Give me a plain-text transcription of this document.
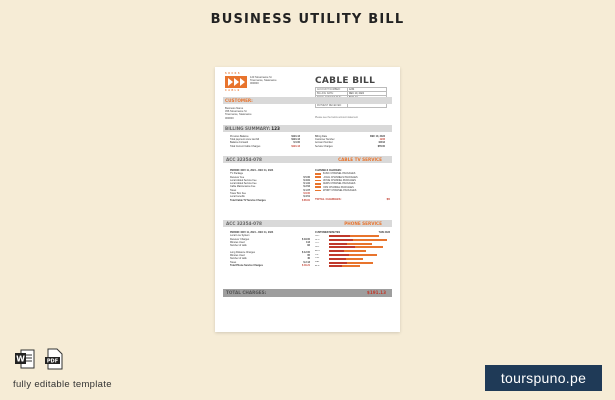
BUSINESS UTILITY BILL
SOCKS
CABLE
123 Streetname St
Townname, Statename
000000	CABLE BILL
ACCOUNT NUMBER:	1234
BILLING DATE:	DEC 10, 2024

PAYMENT RECEIVED:	
Please see the below account statement
CUSTOMER:
Business Name
456 Streetname St
Townname, Statename
000000
BILLING SUMMARY: 123
Previous Balance	$191.13
Total payment since last bill	$191.13
Balance Forward	$ 0.00
Total Current Cable Charges	$191.13
Billing Date	DEC 10, 2024
Customer Number	1234
Account Number	10012
Service Charges	$78.00
ACC 32354-078	CABLE TV SERVICE
PERIOD: NOV 11, 2024 – DEC 11, 2024
TV Package
Receiver Fee	$ 5.00
Local Added Service Fee	$ 3.81
Local Added Service Fee	$ 1.91
Cable Maintenance Fee	$ 2.52
Taxes	$ 1.07
Tower Box Fee	$ 8.00
Local benefits	$ 3.51
Total Cable TV Service Charges	$ 85.81
CHANNELS CHARGES:
BASIC CHANNEL PACKAGES
LOCAL CHANNELS PACKAGES
MOVIE CHANNEL PACKAGES
NEWS CHANNEL PACKAGES
KIDS CHANNEL PACKAGES
SPORT CHANNEL PACKAGES
TOTAL CHARGES:	$5
ACC 32354-078	PHONE SERVICE
PERIOD: NOV 11, 2024 – DEC 11, 2024
Local Line System
Receiver Charges	$ 18.00
Minutes Used	113
Number of calls	82
Long Distance Charges	$ 12.00
Minutes Used	65
Number of calls	40
Taxes	$ 2.13
Total Phone Service Charges	$ 40.21
CUSTOMER MINUTES	THIS 2023
DEC
NOV
OCT
SEP
AUG
JUL
JUN
MAY
APR
TOTAL CHARGES:	$191.13
W	PDF
fully editable template	tourspuno.pe
